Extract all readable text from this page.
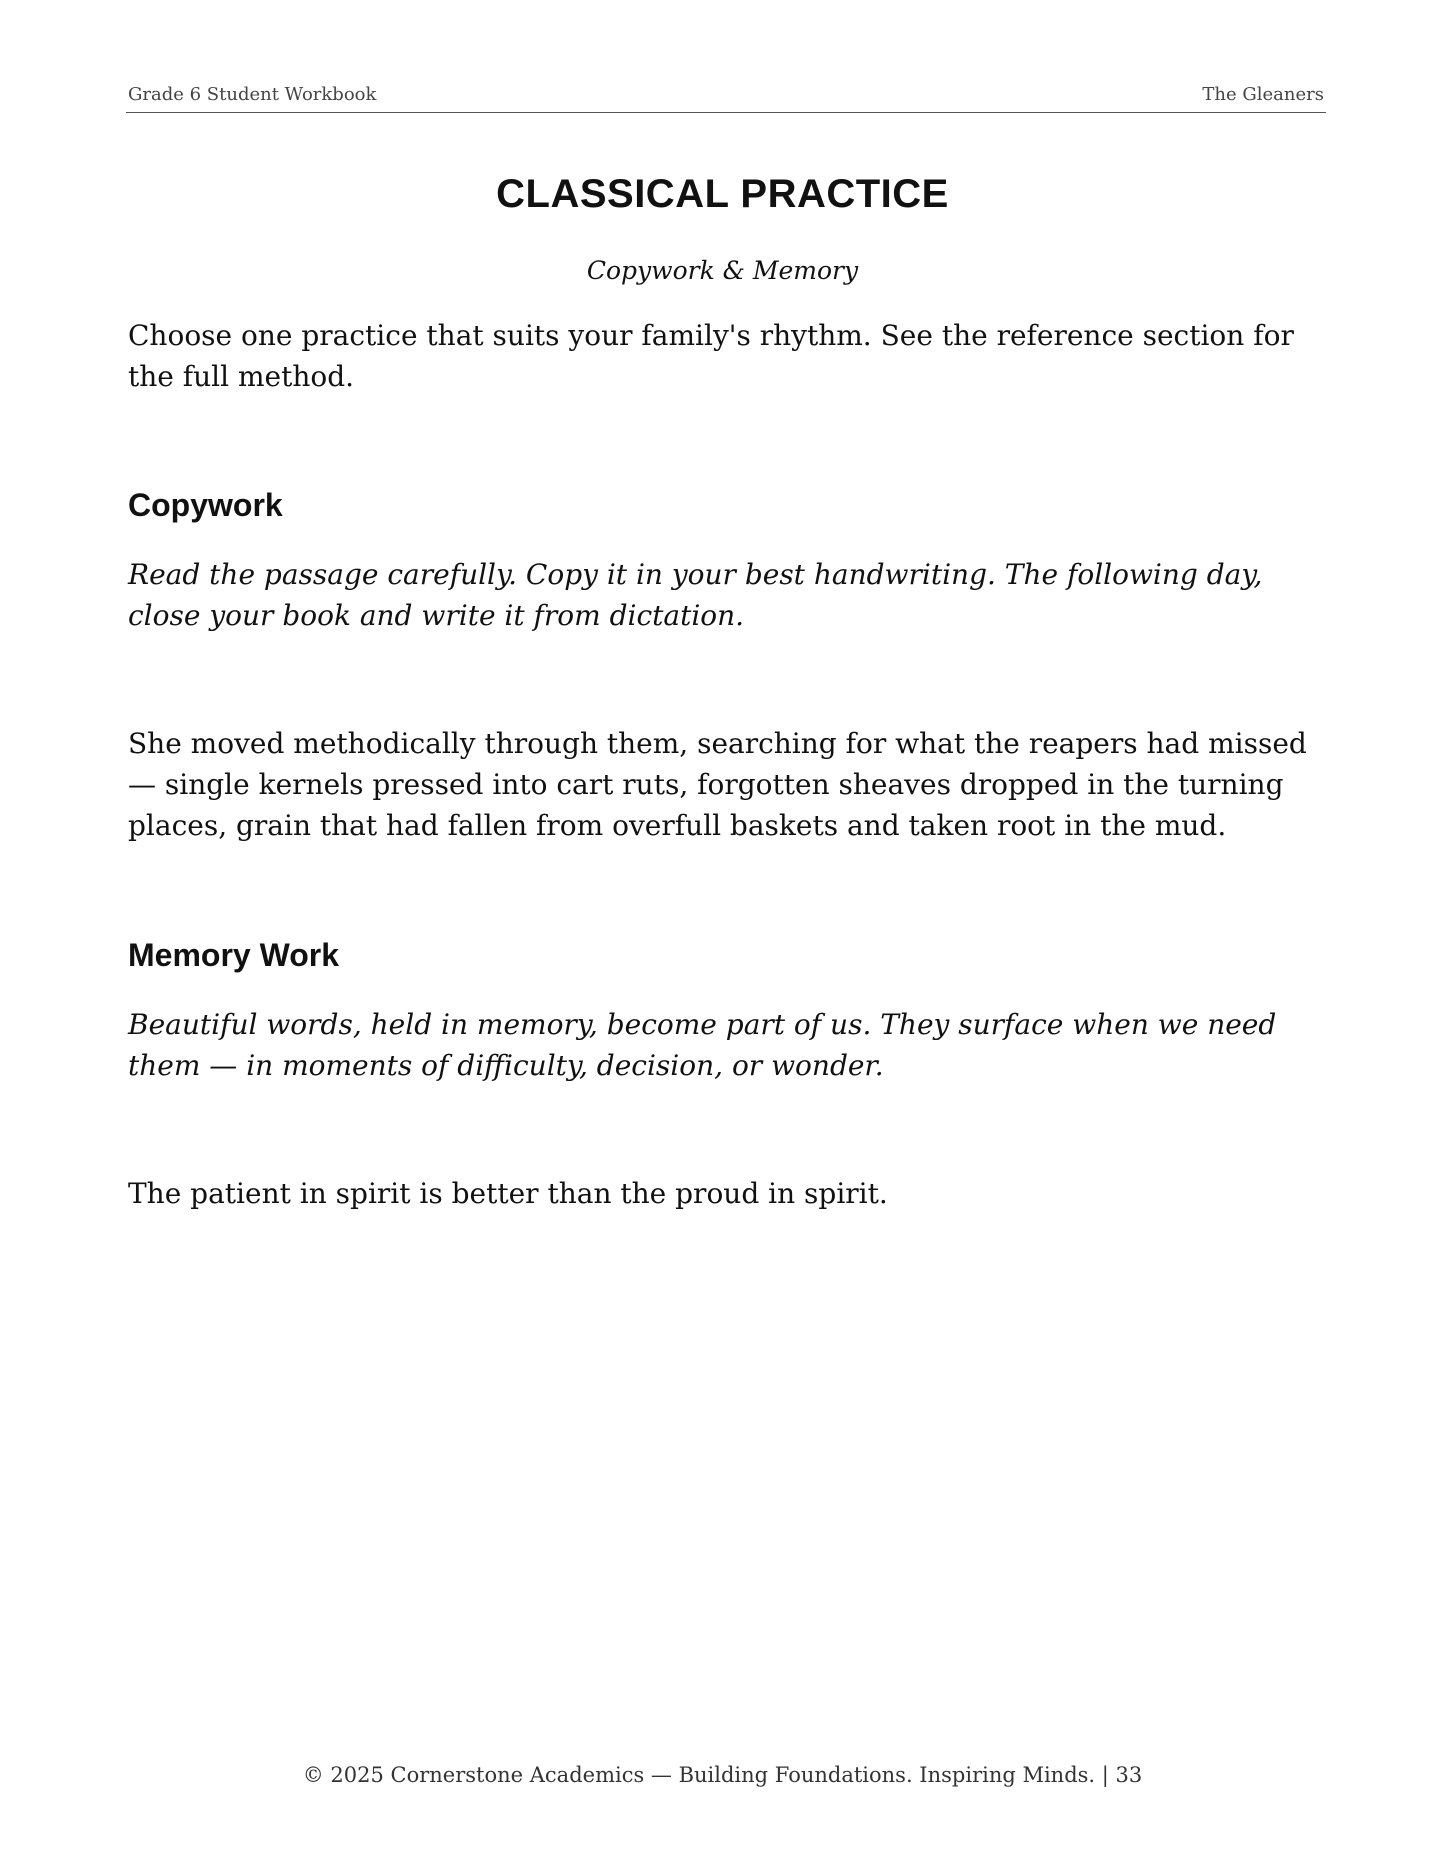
Grade 6 Student Workbook	The Gleaners
CLASSICAL PRACTICE
Copywork & Memory

Choose one practice that suits your family's rhythm. See the reference section for the full method.

Copywork

Read the passage carefully. Copy it in your best handwriting. The following day, close your book and write it from dictation.

She moved methodically through them, searching for what the reapers had missed — single kernels pressed into cart ruts, forgotten sheaves dropped in the turning places, grain that had fallen from overfull baskets and taken root in the mud.

Memory Work

Beautiful words, held in memory, become part of us. They surface when we need them — in moments of difficulty, decision, or wonder.

The patient in spirit is better than the proud in spirit.

© 2025 Cornerstone Academics — Building Foundations. Inspiring Minds. | 33
